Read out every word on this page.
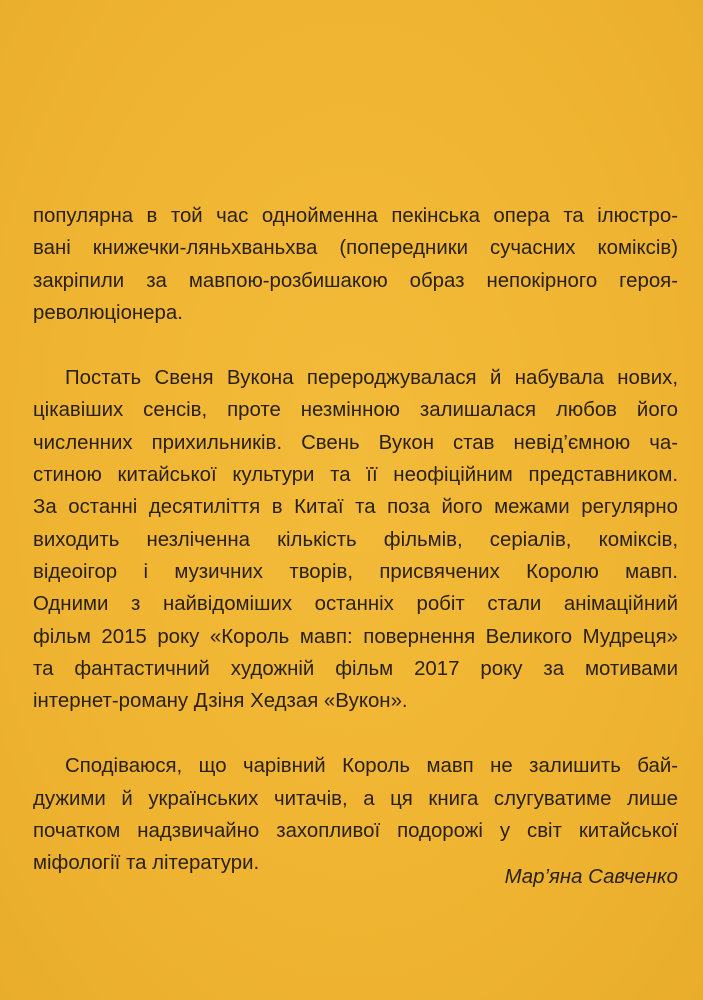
популярна в той час однойменна пекінська опера та ілюстро-
вані книжечки-ляньхваньхва (попередники сучасних коміксів)
закріпили за мавпою-розбишакою образ непокірного героя-
революціонера.
Постать Свеня Вукона перероджувалася й набувала нових,
цікавіших сенсів, проте незмінною залишалася любов його
численних прихильників. Свень Вукон став невід’ємною ча-
стиною китайської культури та її неофіційним представником.
За останні десятиліття в Китаї та поза його межами регулярно
виходить незліченна кількість фільмів, серіалів, коміксів,
відеоігор і музичних творів, присвячених Королю мавп.
Одними з найвідоміших останніх робіт стали анімаційний
фільм 2015 року «Король мавп: повернення Великого Мудреця»
та фантастичний художній фільм 2017 року за мотивами
інтернет-роману Дзіня Хедзая «Вукон».
Сподіваюся, що чарівний Король мавп не залишить бай-
дужими й українських читачів, а ця книга слугуватиме лише
початком надзвичайно захопливої подорожі у світ китайської
міфології та літератури.
Мар’яна Савченко
